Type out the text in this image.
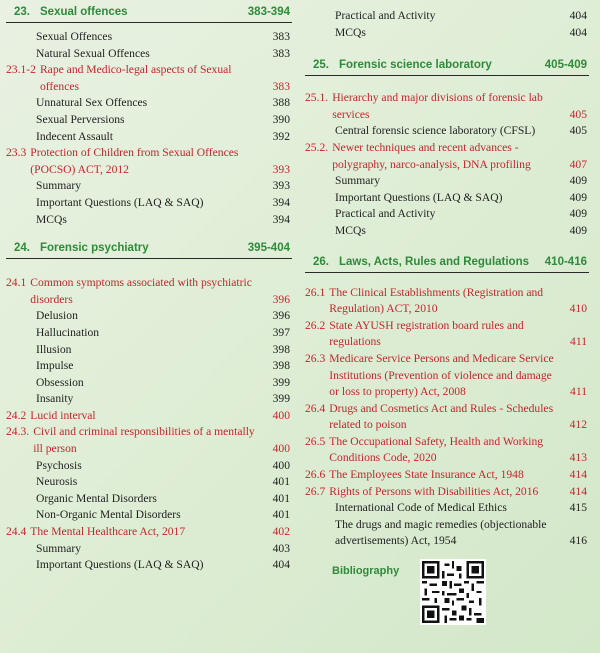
23. Sexual offences	383-394
Sexual Offences	383
Natural Sexual Offences	383
23.1-2 Rape and Medico-legal aspects of Sexual offences	383
Unnatural Sex Offences	388
Sexual Perversions	390
Indecent Assault	392
23.3 Protection of Children from Sexual Offences (POCSO) ACT, 2012	393
Summary	393
Important Questions (LAQ & SAQ)	394
MCQs	394
24. Forensic psychiatry	395-404
24.1 Common symptoms associated with psychiatric disorders	396
Delusion	396
Hallucination	397
Illusion	398
Impulse	398
Obsession	399
Insanity	399
24.2 Lucid interval	400
24.3. Civil and criminal responsibilities of a mentally ill person	400
Psychosis	400
Neurosis	401
Organic Mental Disorders	401
Non-Organic Mental Disorders	401
24.4 The Mental Healthcare Act, 2017	402
Summary	403
Important Questions (LAQ & SAQ)	404
Practical and Activity	404
MCQs	404
25. Forensic science laboratory	405-409
25.1. Hierarchy and major divisions of forensic lab services	405
Central forensic science laboratory (CFSL)	405
25.2. Newer techniques and recent advances - polygraphy, narco-analysis, DNA profiling	407
Summary	409
Important Questions (LAQ & SAQ)	409
Practical and Activity	409
MCQs	409
26. Laws, Acts, Rules and Regulations 410-416
26.1 The Clinical Establishments (Registration and Regulation) ACT, 2010	410
26.2 State AYUSH registration board rules and regulations	411
26.3 Medicare Service Persons and Medicare Service Institutions (Prevention of violence and damage or loss to property) Act, 2008	411
26.4 Drugs and Cosmetics Act and Rules - Schedules related to poison	412
26.5 The Occupational Safety, Health and Working Conditions Code, 2020	413
26.6 The Employees State Insurance Act, 1948	414
26.7 Rights of Persons with Disabilities Act, 2016	414
International Code of Medical Ethics	415
The drugs and magic remedies (objectionable advertisements) Act, 1954	416
Bibliography
